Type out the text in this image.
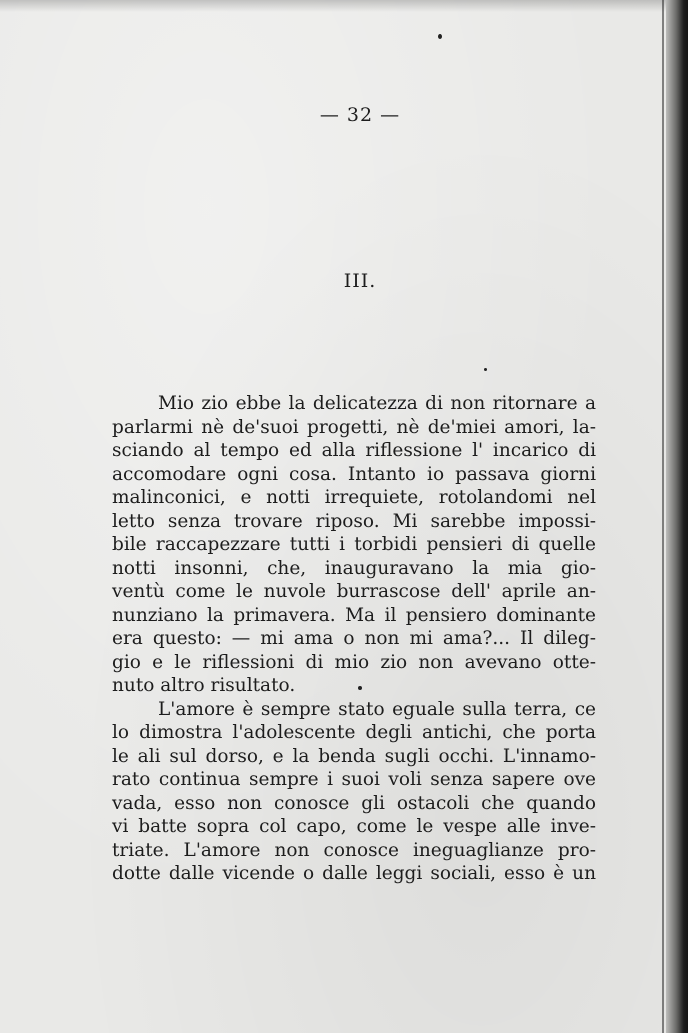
— 32 —
III.
Mio zio ebbe la delicatezza di non ritornare a
parlarmi nè de'suoi progetti, nè de'miei amori, la-
sciando al tempo ed alla riflessione l' incarico di
accomodare ogni cosa. Intanto io passava giorni
malinconici, e notti irrequiete, rotolandomi nel
letto senza trovare riposo. Mi sarebbe impossi-
bile raccapezzare tutti i torbidi pensieri di quelle
notti insonni, che, inauguravano la mia gio-
ventù come le nuvole burrascose dell' aprile an-
nunziano la primavera. Ma il pensiero dominante
era questo: — mi ama o non mi ama?... Il dileg-
gio e le riflessioni di mio zio non avevano otte-
nuto altro risultato.
L'amore è sempre stato eguale sulla terra, ce
lo dimostra l'adolescente degli antichi, che porta
le ali sul dorso, e la benda sugli occhi. L'innamo-
rato continua sempre i suoi voli senza sapere ove
vada, esso non conosce gli ostacoli che quando
vi batte sopra col capo, come le vespe alle inve-
triate. L'amore non conosce ineguaglianze pro-
dotte dalle vicende o dalle leggi sociali, esso è un
